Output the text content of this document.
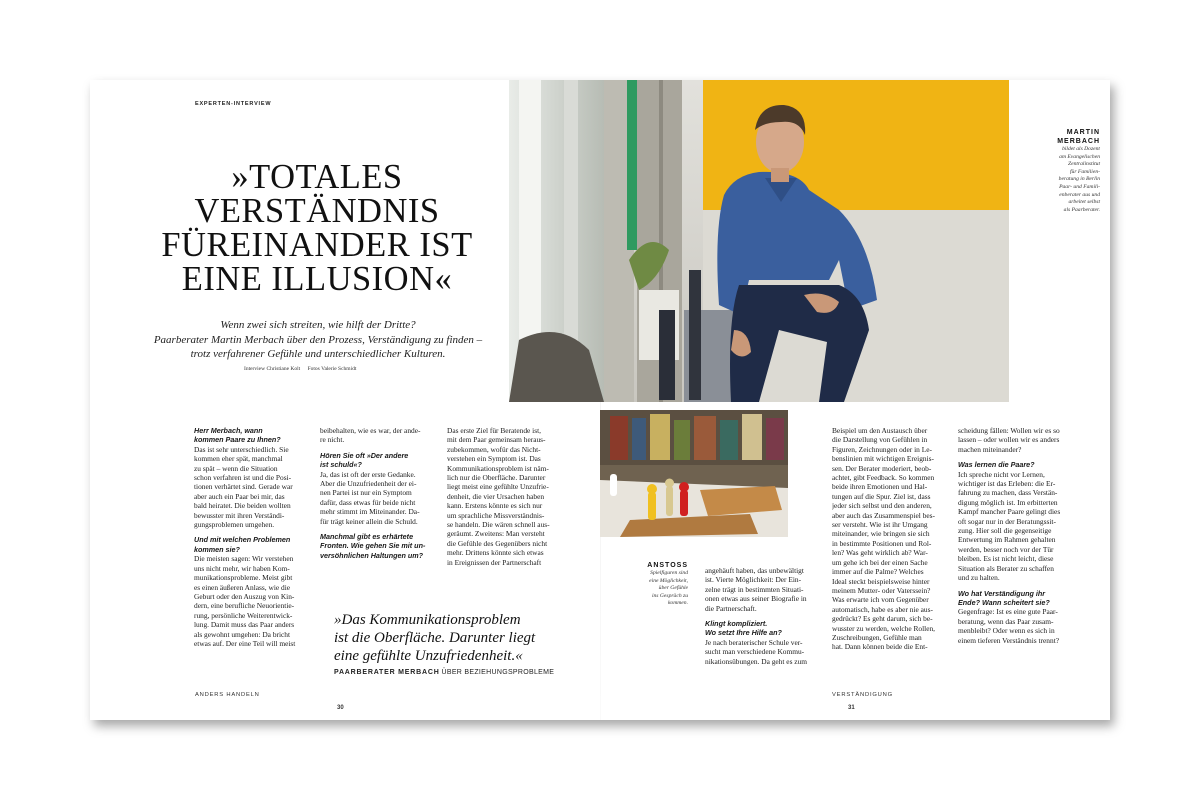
EXPERTEN-INTERVIEW
»TOTALES
VERSTÄNDNIS
FÜREINANDER IST
EINE ILLUSION«
Wenn zwei sich streiten, wie hilft der Dritte?
Paarberater Martin Merbach über den Prozess, Verständigung zu finden –
trotz verfahrener Gefühle und unterschiedlicher Kulturen.
Interview Christiane Kolt Fotos Valerie Schmidt
MARTIN
MERBACH
bildet als Dozent
am Evangelischen
Zentralinstitut
für Familien-
beratung in Berlin
Paar- und Famili-
enberater aus und
arbeitet selbst
als Paarberater.
ANSTOSS
Spielfiguren sind
eine Möglichkeit,
über Gefühle
ins Gespräch zu
kommen.

Herr Merbach, wann
kommen Paare zu Ihnen?

Das ist sehr unterschiedlich. Sie
kommen eher spät, manchmal
zu spät – wenn die Situation
schon verfahren ist und die Posi-
tionen verhärtet sind. Gerade war
aber auch ein Paar bei mir, das
bald heiratet. Die beiden wollten
bewusster mit ihren Verständi-
gungsproblemen umgehen.

Und mit welchen Problemen
kommen sie?

Die meisten sagen: Wir verstehen
uns nicht mehr, wir haben Kom-
munikationsprobleme. Meist gibt
es einen äußeren Anlass, wie die
Geburt oder den Auszug von Kin-
dern, eine berufliche Neuorientie-
rung, persönliche Weiterentwick-
lung. Damit muss das Paar anders
als gewohnt umgehen: Da bricht
etwas auf. Der eine Teil will meist

beibehalten, wie es war, der ande-
re nicht.

Hören Sie oft »Der andere
ist schuld«?

Ja, das ist oft der erste Gedanke.
Aber die Unzufriedenheit der ei-
nen Partei ist nur ein Symptom
dafür, dass etwas für beide nicht
mehr stimmt im Miteinander. Da-
für trägt keiner allein die Schuld.

Manchmal gibt es erhärtete
Fronten. Wie gehen Sie mit un-
versöhnlichen Haltungen um?

Das erste Ziel für Beratende ist,
mit dem Paar gemeinsam heraus-
zubekommen, wofür das Nicht-
verstehen ein Symptom ist. Das
Kommunikationsproblem ist näm-
lich nur die Oberfläche. Darunter
liegt meist eine gefühlte Unzufrie-
denheit, die vier Ursachen haben
kann. Erstens könnte es sich nur
um sprachliche Missverständnis-
se handeln. Die wären schnell aus-
geräumt. Zweitens: Man versteht
die Gefühle des Gegenübers nicht
mehr. Drittens könnte sich etwas
in Ereignissen der Partnerschaft

angehäuft haben, das unbewältigt
ist. Vierte Möglichkeit: Der Ein-
zelne trägt in bestimmten Situati-
onen etwas aus seiner Biografie in
die Partnerschaft.

Klingt kompliziert.
Wo setzt Ihre Hilfe an?

Je nach beraterischer Schule ver-
sucht man verschiedene Kommu-
nikationsübungen. Da geht es zum

Beispiel um den Austausch über
die Darstellung von Gefühlen in
Figuren, Zeichnungen oder in Le-
benslinien mit wichtigen Ereignis-
sen. Der Berater moderiert, beob-
achtet, gibt Feedback. So kommen
beide ihren Emotionen und Hal-
tungen auf die Spur. Ziel ist, dass
jeder sich selbst und den anderen,
aber auch das Zusammenspiel bes-
ser versteht. Wie ist ihr Umgang
miteinander, wie bringen sie sich
in bestimmte Positionen und Rol-
len? Was geht wirklich ab? War-
um gehe ich bei der einen Sache
immer auf die Palme? Welches
Ideal steckt beispielsweise hinter
meinem Mutter- oder Vaterssein?
Was erwarte ich vom Gegenüber
automatisch, habe es aber nie aus-
gedrückt? Es geht darum, sich be-
wusster zu werden, welche Rollen,
Zuschreibungen, Gefühle man
hat. Dann können beide die Ent-

scheidung fällen: Wollen wir es so
lassen – oder wollen wir es anders
machen miteinander?

Was lernen die Paare?

Ich spreche nicht vor Lernen,
wichtiger ist das Erleben: die Er-
fahrung zu machen, dass Verstän-
digung möglich ist. Im erbitterten
Kampf mancher Paare gelingt dies
oft sogar nur in der Beratungssit-
zung. Hier soll die gegenseitige
Entwertung im Rahmen gehalten
werden, besser noch vor der Tür
bleiben. Es ist nicht leicht, diese
Situation als Berater zu schaffen
und zu halten.

Wo hat Verständigung ihr
Ende? Wann scheitert sie?

Gegenfrage: Ist es eine gute Paar-
beratung, wenn das Paar zusam-
menbleibt? Oder wenn es sich in
einem tieferen Verständnis trennt?

»Das Kommunikationsproblem
ist die Oberfläche. Darunter liegt
eine gefühlte Unzufriedenheit.«
PAARBERATER MERBACH ÜBER BEZIEHUNGSPROBLEME
ANDERS HANDELN
30
VERSTÄNDIGUNG
31
